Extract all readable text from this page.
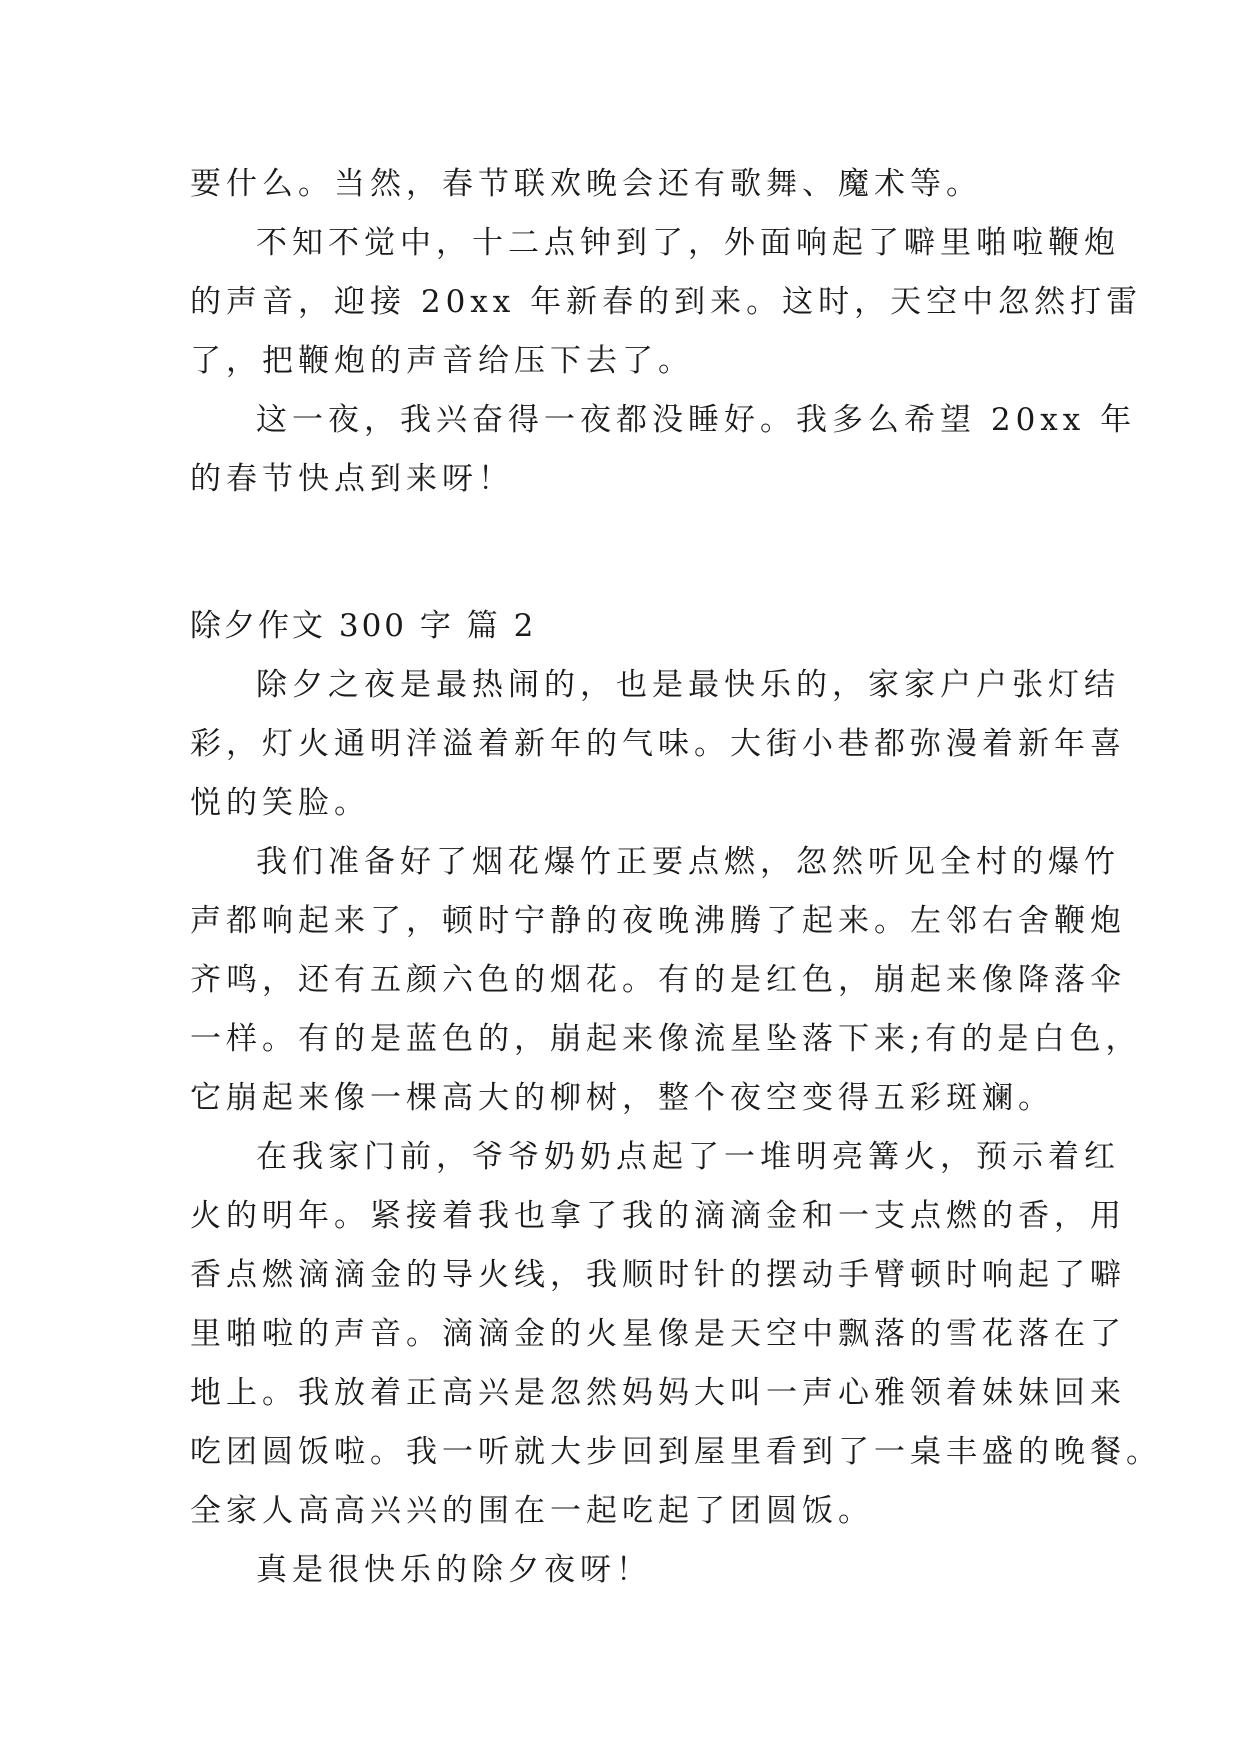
要什么。当然，春节联欢晚会还有歌舞、魔术等。
不知不觉中，十二点钟到了，外面响起了噼里啪啦鞭炮
的声音，迎接 20xx 年新春的到来。这时，天空中忽然打雷
了，把鞭炮的声音给压下去了。
这一夜，我兴奋得一夜都没睡好。我多么希望 20xx 年
的春节快点到来呀！
除夕作文 300 字 篇 2
除夕之夜是最热闹的，也是最快乐的，家家户户张灯结
彩，灯火通明洋溢着新年的气味。大街小巷都弥漫着新年喜
悦的笑脸。
我们准备好了烟花爆竹正要点燃，忽然听见全村的爆竹
声都响起来了，顿时宁静的夜晚沸腾了起来。左邻右舍鞭炮
齐鸣，还有五颜六色的烟花。有的是红色，崩起来像降落伞
一样。有的是蓝色的，崩起来像流星坠落下来;有的是白色，
它崩起来像一棵高大的柳树，整个夜空变得五彩斑斓。
在我家门前，爷爷奶奶点起了一堆明亮篝火，预示着红
火的明年。紧接着我也拿了我的滴滴金和一支点燃的香，用
香点燃滴滴金的导火线，我顺时针的摆动手臂顿时响起了噼
里啪啦的声音。滴滴金的火星像是天空中飘落的雪花落在了
地上。我放着正高兴是忽然妈妈大叫一声心雅领着妹妹回来
吃团圆饭啦。我一听就大步回到屋里看到了一桌丰盛的晚餐。
全家人高高兴兴的围在一起吃起了团圆饭。
真是很快乐的除夕夜呀！
